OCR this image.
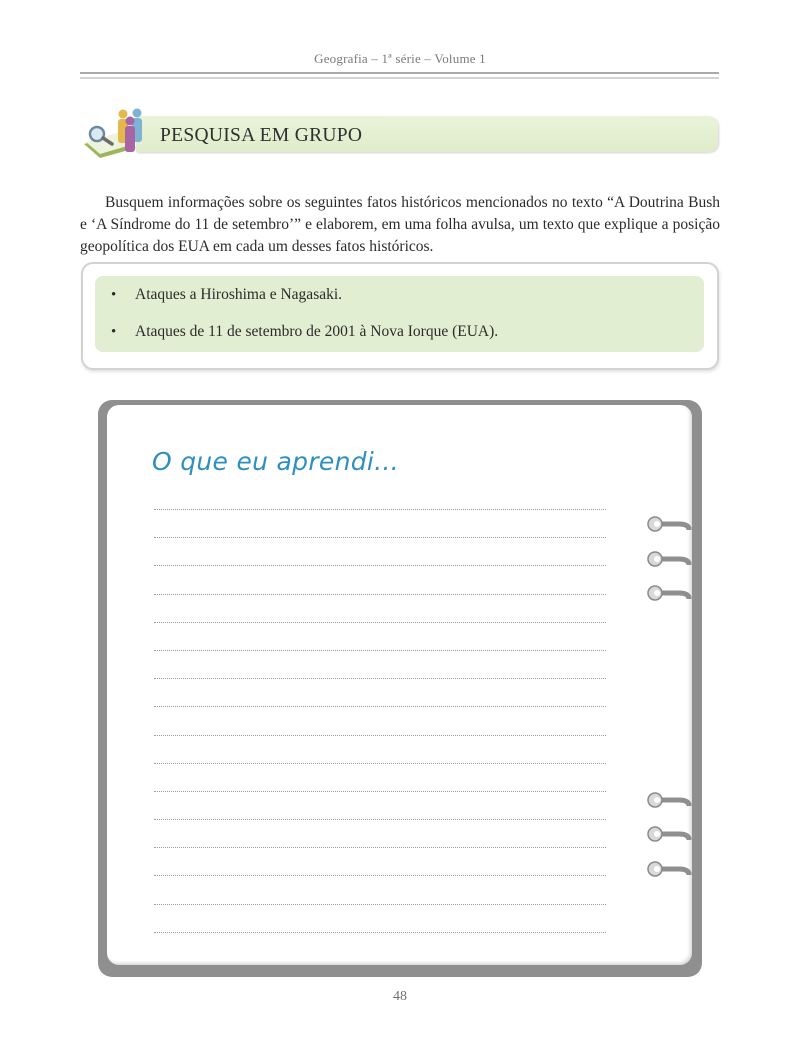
Geografia – 1ª série – Volume 1
PESQUISA EM GRUPO

Busquem informações sobre os seguintes fatos históricos mencionados no texto “A Doutrina Bush e ‘A Síndrome do 11 de setembro’” e elaborem, em uma folha avulsa, um texto que explique a posição geopolítica dos EUA em cada um desses fatos históricos.

• Ataques a Hiroshima e Nagasaki.
• Ataques de 11 de setembro de 2001 à Nova Iorque (EUA).
O que eu aprendi...
48
